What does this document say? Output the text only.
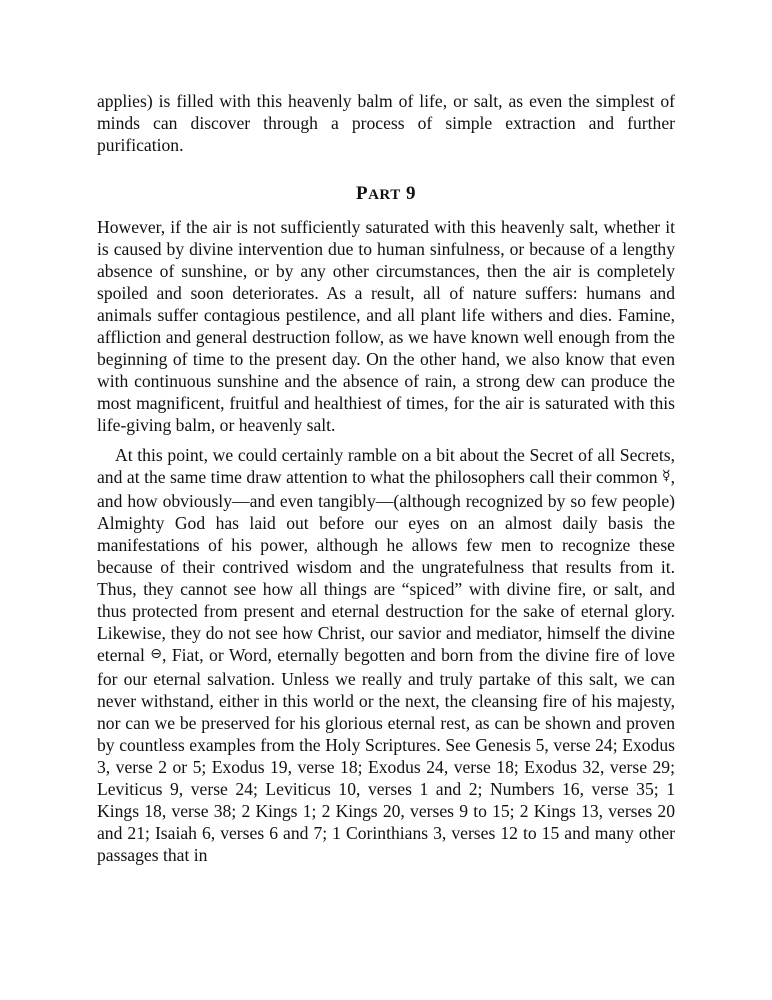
applies) is filled with this heavenly balm of life, or salt, as even the simplest of minds can discover through a process of simple extraction and further purification.

PART 9

However, if the air is not sufficiently saturated with this heavenly salt, whether it is caused by divine intervention due to human sinfulness, or because of a lengthy absence of sunshine, or by any other circumstances, then the air is completely spoiled and soon deteriorates. As a result, all of nature suffers: humans and animals suffer contagious pestilence, and all plant life withers and dies. Famine, affliction and general destruction follow, as we have known well enough from the beginning of time to the present day. On the other hand, we also know that even with continuous sunshine and the absence of rain, a strong dew can produce the most magnificent, fruitful and healthiest of times, for the air is saturated with this life-giving balm, or heavenly salt.

At this point, we could certainly ramble on a bit about the Secret of all Secrets, and at the same time draw attention to what the philosophers call their common ☿, and how obviously—and even tangibly—(although recognized by so few people) Almighty God has laid out before our eyes on an almost daily basis the manifestations of his power, although he allows few men to recognize these because of their contrived wisdom and the ungratefulness that results from it. Thus, they cannot see how all things are “spiced” with divine fire, or salt, and thus protected from present and eternal destruction for the sake of eternal glory. Likewise, they do not see how Christ, our savior and mediator, himself the divine eternal ⊖, Fiat, or Word, eternally begotten and born from the divine fire of love for our eternal salvation. Unless we really and truly partake of this salt, we can never withstand, either in this world or the next, the cleansing fire of his majesty, nor can we be preserved for his glorious eternal rest, as can be shown and proven by countless examples from the Holy Scriptures. See Genesis 5, verse 24; Exodus 3, verse 2 or 5; Exodus 19, verse 18; Exodus 24, verse 18; Exodus 32, verse 29; Leviticus 9, verse 24; Leviticus 10, verses 1 and 2; Numbers 16, verse 35; 1 Kings 18, verse 38; 2 Kings 1; 2 Kings 20, verses 9 to 15; 2 Kings 13, verses 20 and 21; Isaiah 6, verses 6 and 7; 1 Corinthians 3, verses 12 to 15 and many other passages that in
